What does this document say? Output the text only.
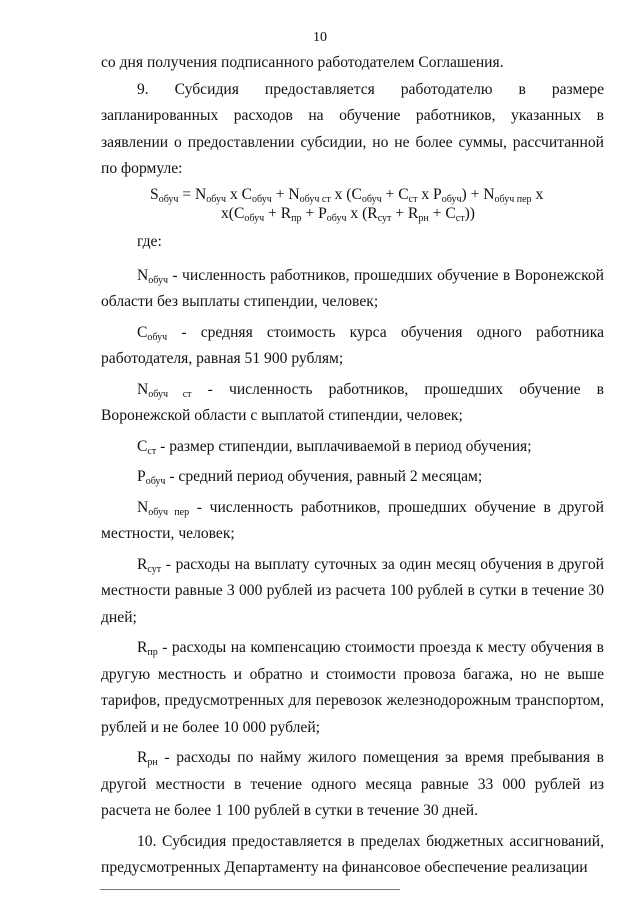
10

со дня получения подписанного работодателем Соглашения.

9. Субсидия предоставляется работодателю в размере запланированных расходов на обучение работников, указанных в заявлении о предоставлении субсидии, но не более суммы, рассчитанной по формуле:

$S_{обуч} = N_{обуч}$ x $C_{обуч} + N_{обуч ст}$ x ($C_{обуч} + C_{ст}$ x $P_{обуч}) + N_{обуч пер}$ x
$x(C_{обуч} + R_{пр} + P_{обуч}$ x $(R_{сут} + R_{рн} + C_{ст})$)
где:

$N_{обуч}$ - численность работников, прошедших обучение в Воронежской области без выплаты стипендии, человек;

$C_{обуч}$ - средняя стоимость курса обучения одного работника работодателя, равная 51 900 рублям;

$N_{обуч ст}$ - численность работников, прошедших обучение в Воронежской области с выплатой стипендии, человек;

$C_{ст}$ - размер стипендии, выплачиваемой в период обучения;

$P_{обуч}$ - средний период обучения, равный 2 месяцам;

$N_{обуч пер}$ - численность работников, прошедших обучение в другой местности, человек;

$R_{сут}$ - расходы на выплату суточных за один месяц обучения в другой местности равные 3 000 рублей из расчета 100 рублей в сутки в течение 30 дней;

$R_{пр}$ - расходы на компенсацию стоимости проезда к месту обучения в другую местность и обратно и стоимости провоза багажа, но не выше тарифов, предусмотренных для перевозок железнодорожным транспортом, рублей и не более 10 000 рублей;

$R_{рн}$ - расходы по найму жилого помещения за время пребывания в другой местности в течение одного месяца равные 33 000 рублей из расчета не более 1 100 рублей в сутки в течение 30 дней.

10. Субсидия предоставляется в пределах бюджетных ассигнований, предусмотренных Департаменту на финансовое обеспечение реализации
